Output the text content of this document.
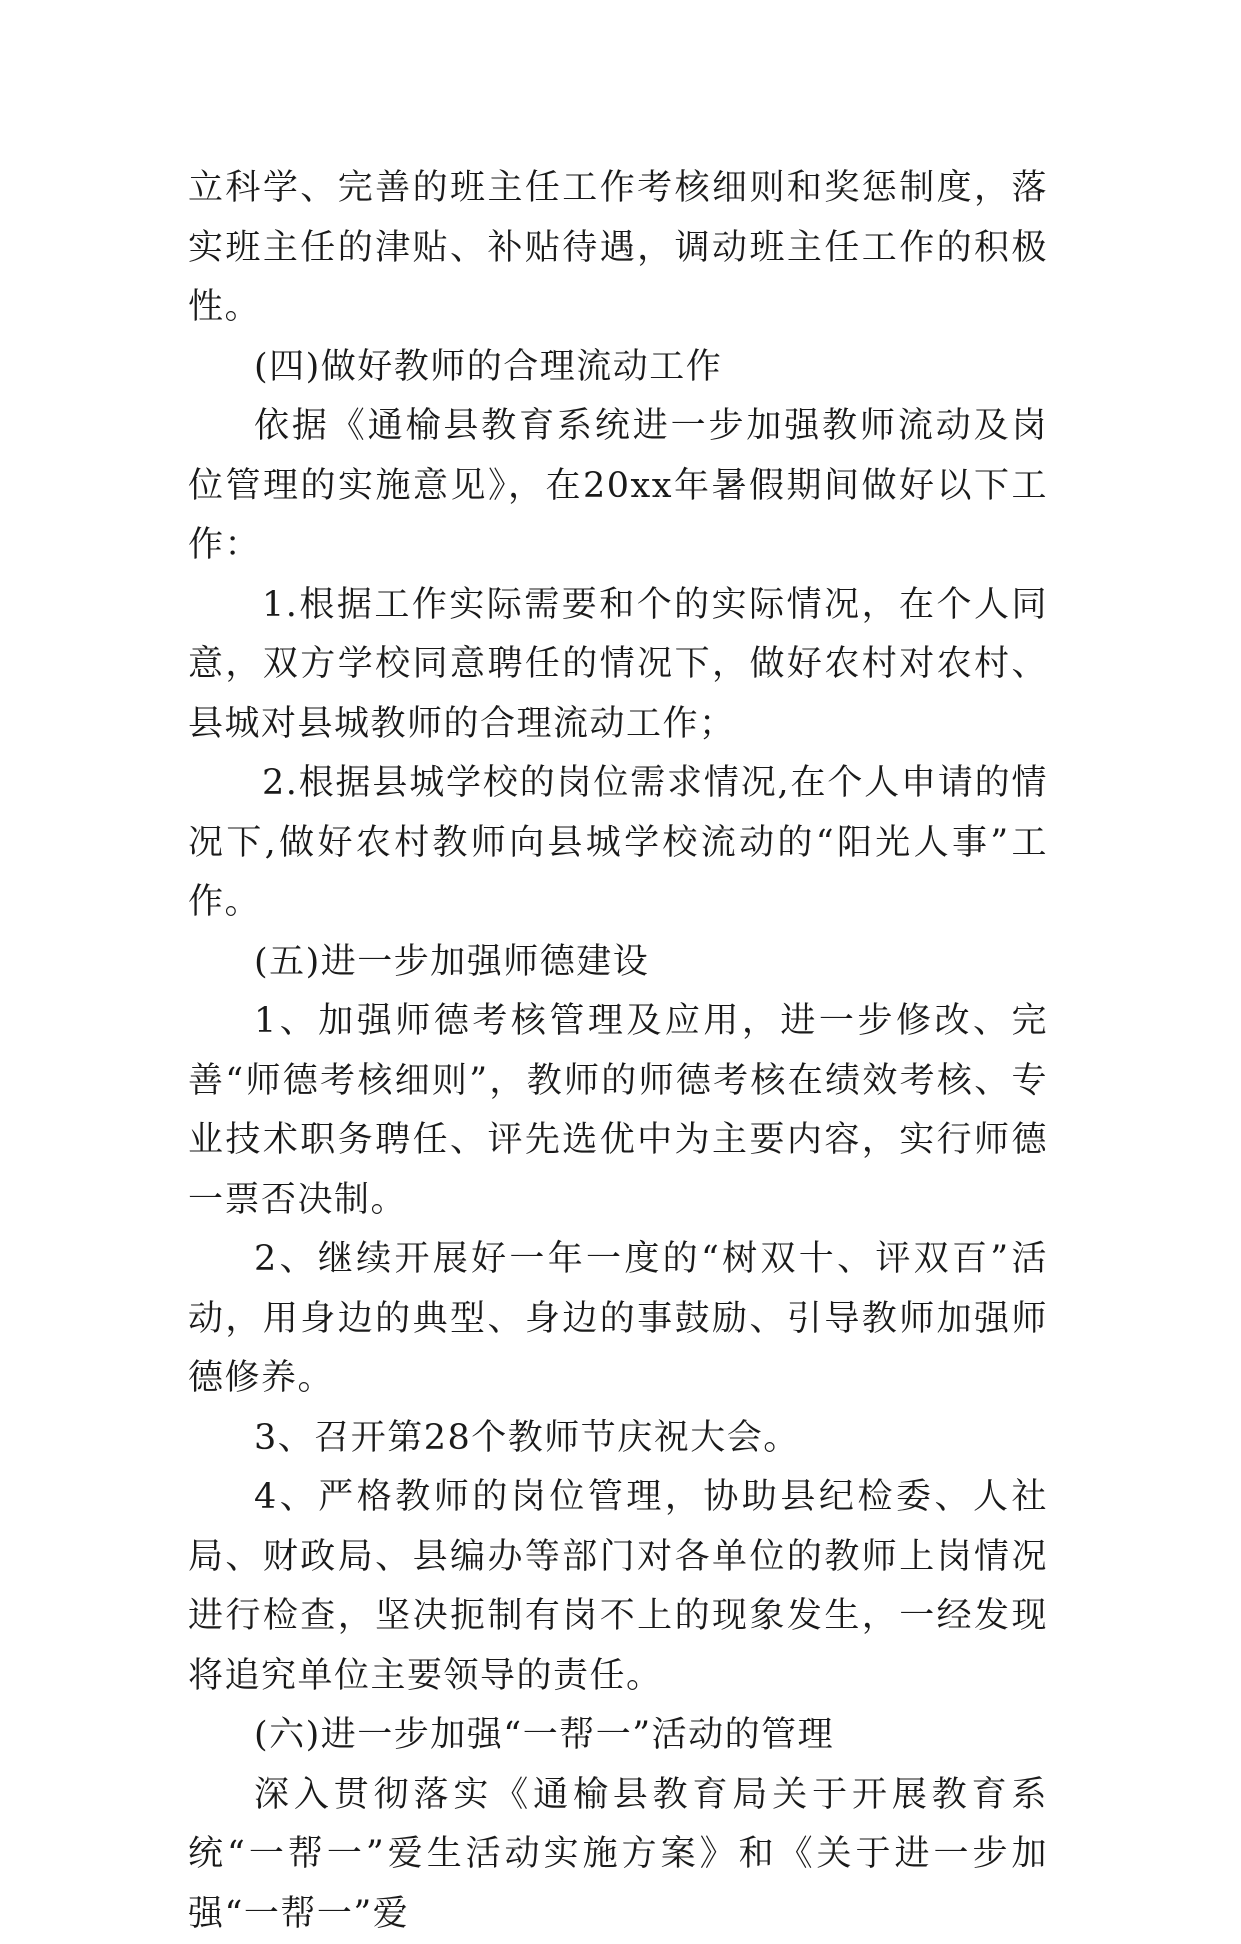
立科学、完善的班主任工作考核细则和奖惩制度，落实班主任的津贴、补贴待遇，调动班主任工作的积极性。

(四)做好教师的合理流动工作

依据《通榆县教育系统进一步加强教师流动及岗位管理的实施意见》，在20xx年暑假期间做好以下工作：

1.根据工作实际需要和个的实际情况，在个人同意，双方学校同意聘任的情况下，做好农村对农村、县城对县城教师的合理流动工作；

2.根据县城学校的岗位需求情况,在个人申请的情况下,做好农村教师向县城学校流动的“阳光人事”工作。

(五)进一步加强师德建设

1、加强师德考核管理及应用，进一步修改、完善“师德考核细则”，教师的师德考核在绩效考核、专业技术职务聘任、评先选优中为主要内容，实行师德一票否决制。

2、继续开展好一年一度的“树双十、评双百”活动，用身边的典型、身边的事鼓励、引导教师加强师德修养。

3、召开第28个教师节庆祝大会。

4、严格教师的岗位管理，协助县纪检委、人社局、财政局、县编办等部门对各单位的教师上岗情况进行检查，坚决扼制有岗不上的现象发生，一经发现将追究单位主要领导的责任。

(六)进一步加强“一帮一”活动的管理

深入贯彻落实《通榆县教育局关于开展教育系统“一帮一”爱生活动实施方案》和《关于进一步加强“一帮一”爱
